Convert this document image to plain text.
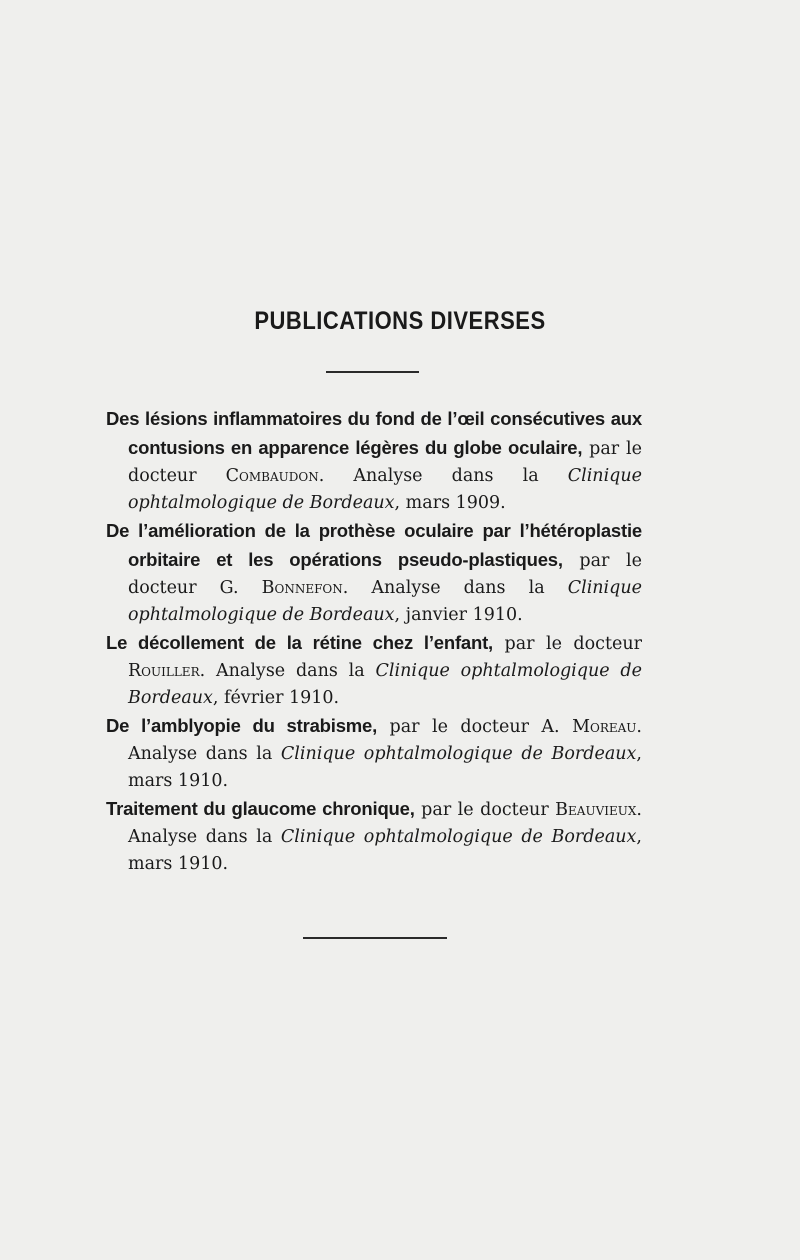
PUBLICATIONS DIVERSES

Des lésions inflammatoires du fond de l’œil consécutives aux contusions en apparence légères du globe oculaire, par le docteur Combaudon. Analyse dans la Clinique ophtalmologique de Bordeaux, mars 1909.

De l’amélioration de la prothèse oculaire par l’hétéroplastie orbitaire et les opérations pseudo-plastiques, par le docteur G. Bonnefon. Analyse dans la Clinique ophtalmologique de Bordeaux, janvier 1910.

Le décollement de la rétine chez l’enfant, par le docteur Rouiller. Analyse dans la Clinique ophtalmologique de Bordeaux, février 1910.

De l’amblyopie du strabisme, par le docteur A. Moreau. Analyse dans la Clinique ophtalmologique de Bordeaux, mars 1910.

Traitement du glaucome chronique, par le docteur Beauvieux. Analyse dans la Clinique ophtalmologique de Bordeaux, mars 1910.
